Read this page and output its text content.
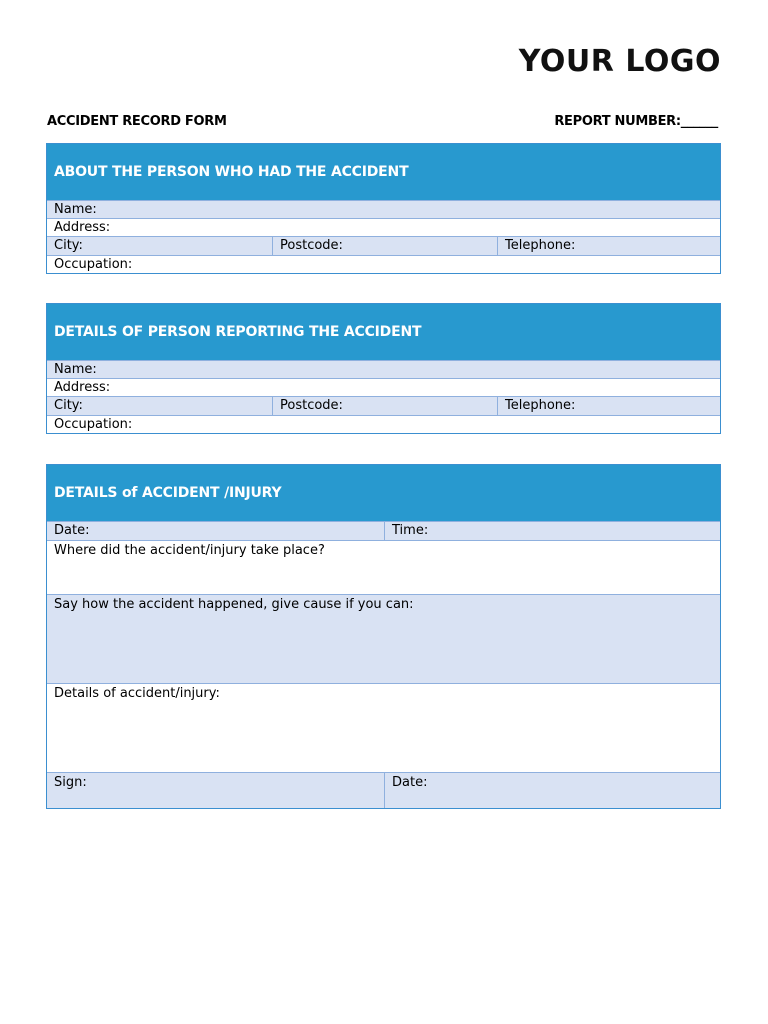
YOUR LOGO
ACCIDENT RECORD FORM	REPORT NUMBER:______
ABOUT THE PERSON WHO HAD THE ACCIDENT
Name:
Address:
City:	Postcode:	Telephone:
Occupation:
DETAILS OF PERSON REPORTING THE ACCIDENT
Name:
Address:
City:	Postcode:	Telephone:
Occupation:
DETAILS of ACCIDENT /INJURY
Date:	Time:
Where did the accident/injury take place?
Say how the accident happened, give cause if you can:
Details of accident/injury:
Sign:	Date:
